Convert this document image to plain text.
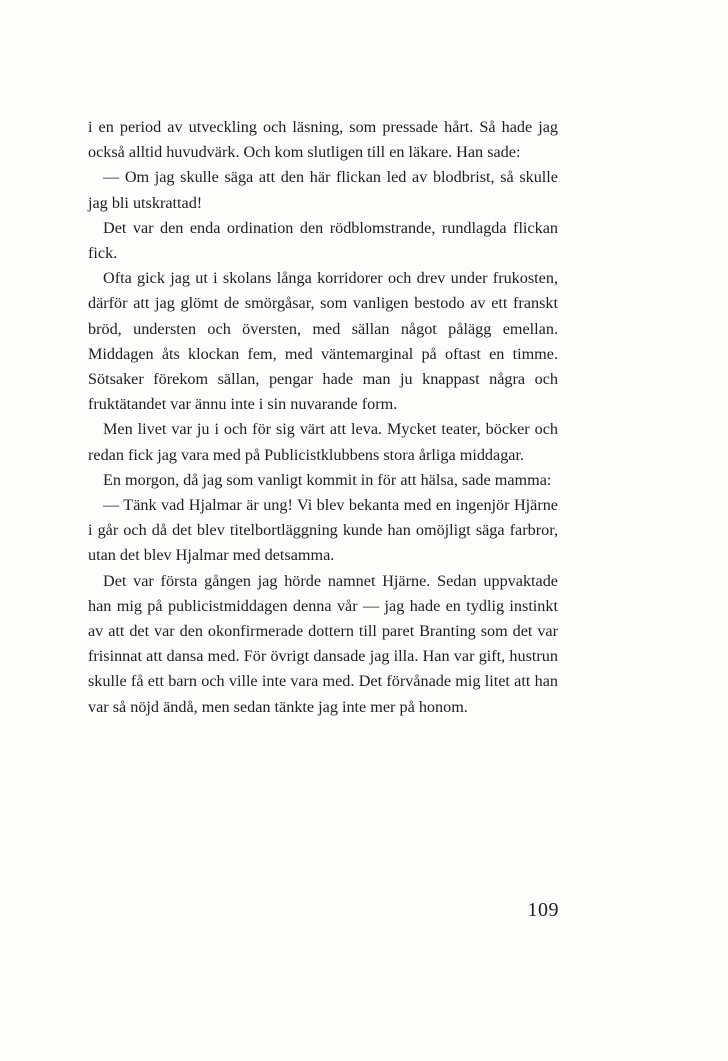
i en period av utveckling och läsning, som pressade hårt. Så hade jag också alltid huvudvärk. Och kom slutligen till en läkare. Han sade:

— Om jag skulle säga att den här flickan led av blodbrist, så skulle jag bli utskrattad!

Det var den enda ordination den rödblomstrande, rundlagda flickan fick.

Ofta gick jag ut i skolans långa korridorer och drev under frukosten, därför att jag glömt de smörgåsar, som vanligen bestodo av ett franskt bröd, understen och översten, med sällan något pålägg emellan. Middagen åts klockan fem, med väntemarginal på oftast en timme. Sötsaker förekom sällan, pengar hade man ju knappast några och fruktätandet var ännu inte i sin nuvarande form.

Men livet var ju i och för sig värt att leva. Mycket teater, böcker och redan fick jag vara med på Publicistklubbens stora årliga middagar.

En morgon, då jag som vanligt kommit in för att hälsa, sade mamma:

— Tänk vad Hjalmar är ung! Vi blev bekanta med en ingenjör Hjärne i går och då det blev titelbortläggning kunde han omöjligt säga farbror, utan det blev Hjalmar med detsamma.

Det var första gången jag hörde namnet Hjärne. Sedan uppvaktade han mig på publicistmiddagen denna vår — jag hade en tydlig instinkt av att det var den okonfirmerade dottern till paret Branting som det var frisinnat att dansa med. För övrigt dansade jag illa. Han var gift, hustrun skulle få ett barn och ville inte vara med. Det förvånade mig litet att han var så nöjd ändå, men sedan tänkte jag inte mer på honom.

109
